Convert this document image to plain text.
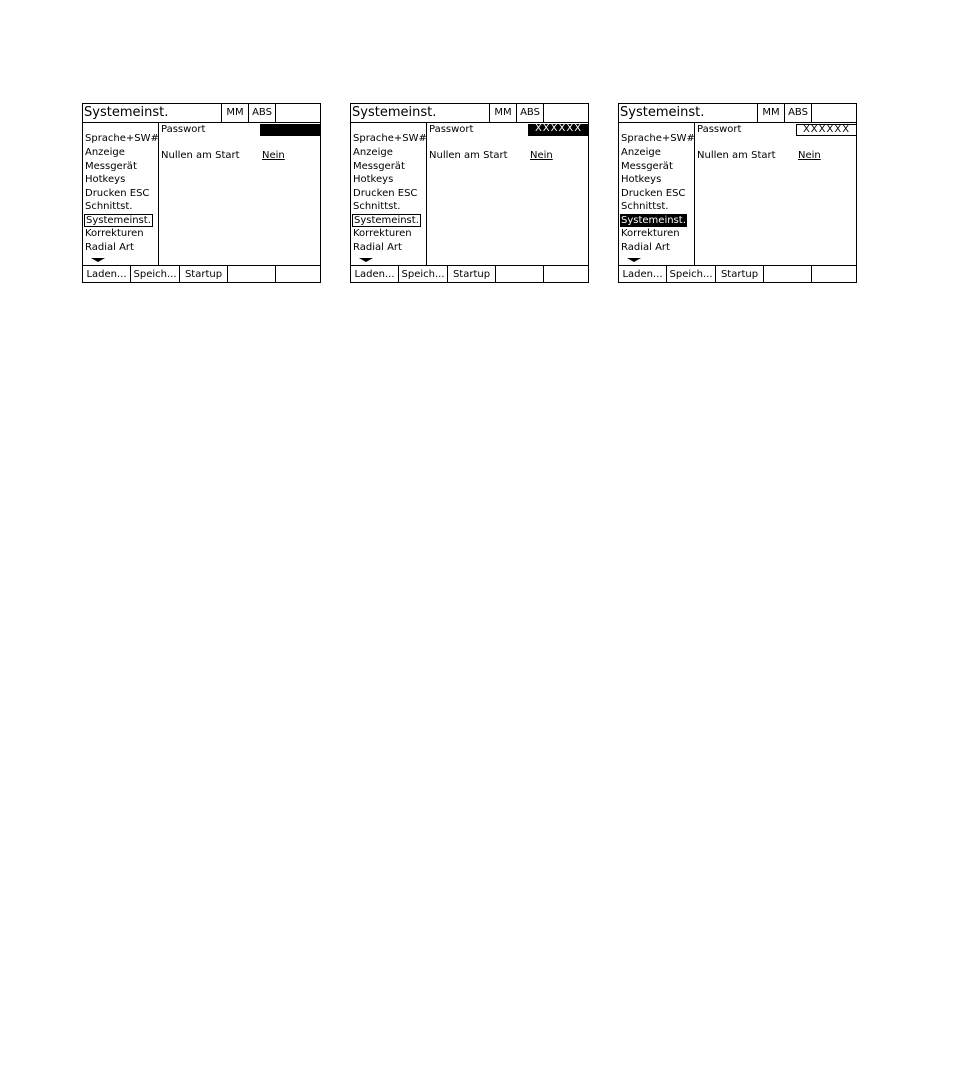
Systemeinst.	MM ABS
Sprache+SW#
Anzeige
Messgerät
Hotkeys
Drucken ESC
Schnittst.
Systemeinst.
Korrekturen
Radial Art
Passwort
Nullen am Start Nein
Laden... Speich... Startup
Systemeinst.	MM ABS
Sprache+SW#
Anzeige
Messgerät
Hotkeys
Drucken ESC
Schnittst.
Systemeinst.
Korrekturen
Radial Art
Passwort	XXXXXX
Nullen am Start Nein
Laden... Speich... Startup
Systemeinst.	MM ABS
Sprache+SW#
Anzeige
Messgerät
Hotkeys
Drucken ESC
Schnittst.
Systemeinst.
Korrekturen
Radial Art
Passwort	XXXXXX
Nullen am Start Nein
Laden... Speich... Startup
